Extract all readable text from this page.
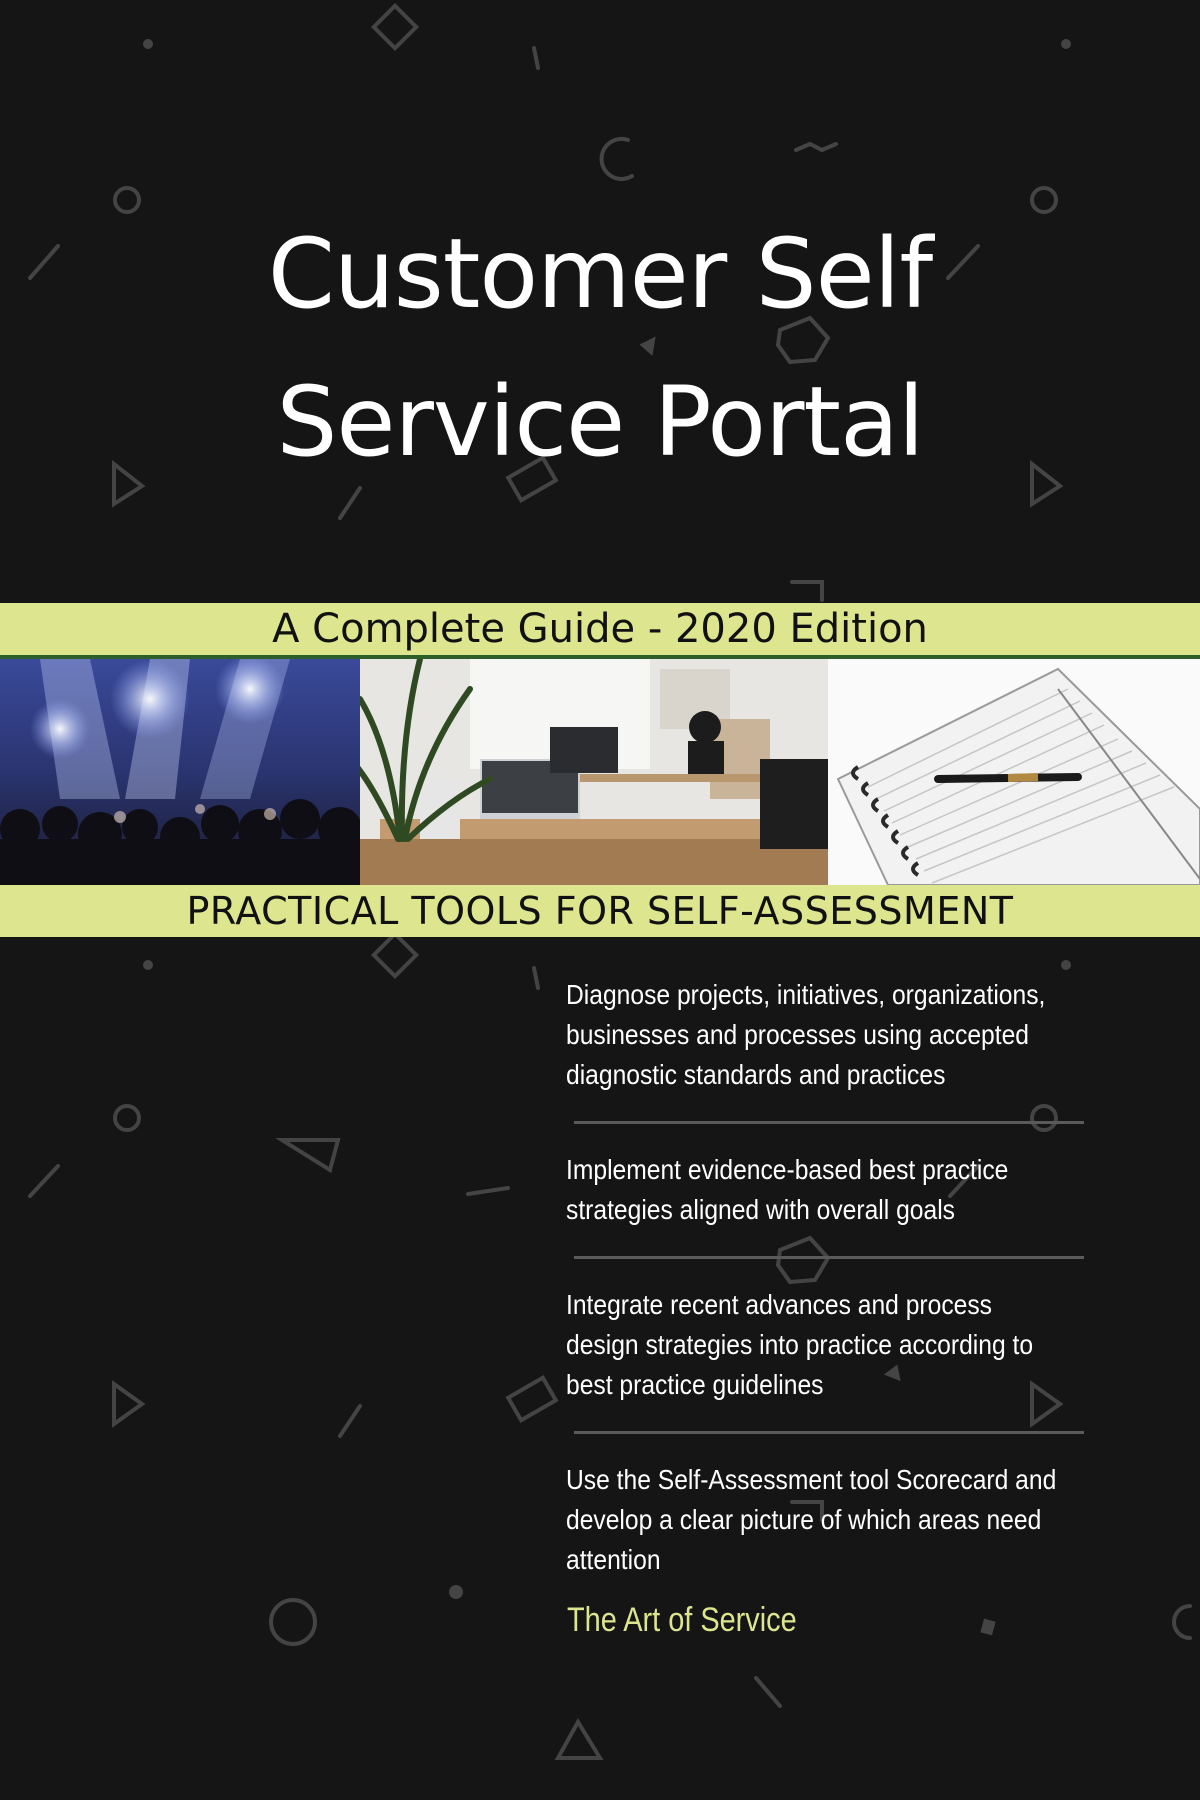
Customer Self
Service Portal
A Complete Guide - 2020 Edition
PRACTICAL TOOLS FOR SELF-ASSESSMENT
Diagnose projects, initiatives, organizations, businesses and processes using accepted diagnostic standards and practices
Implement evidence-based best practice strategies aligned with overall goals
Integrate recent advances and process design strategies into practice according to best practice guidelines
Use the Self-Assessment tool Scorecard and develop a clear picture of which areas need attention
The Art of Service
